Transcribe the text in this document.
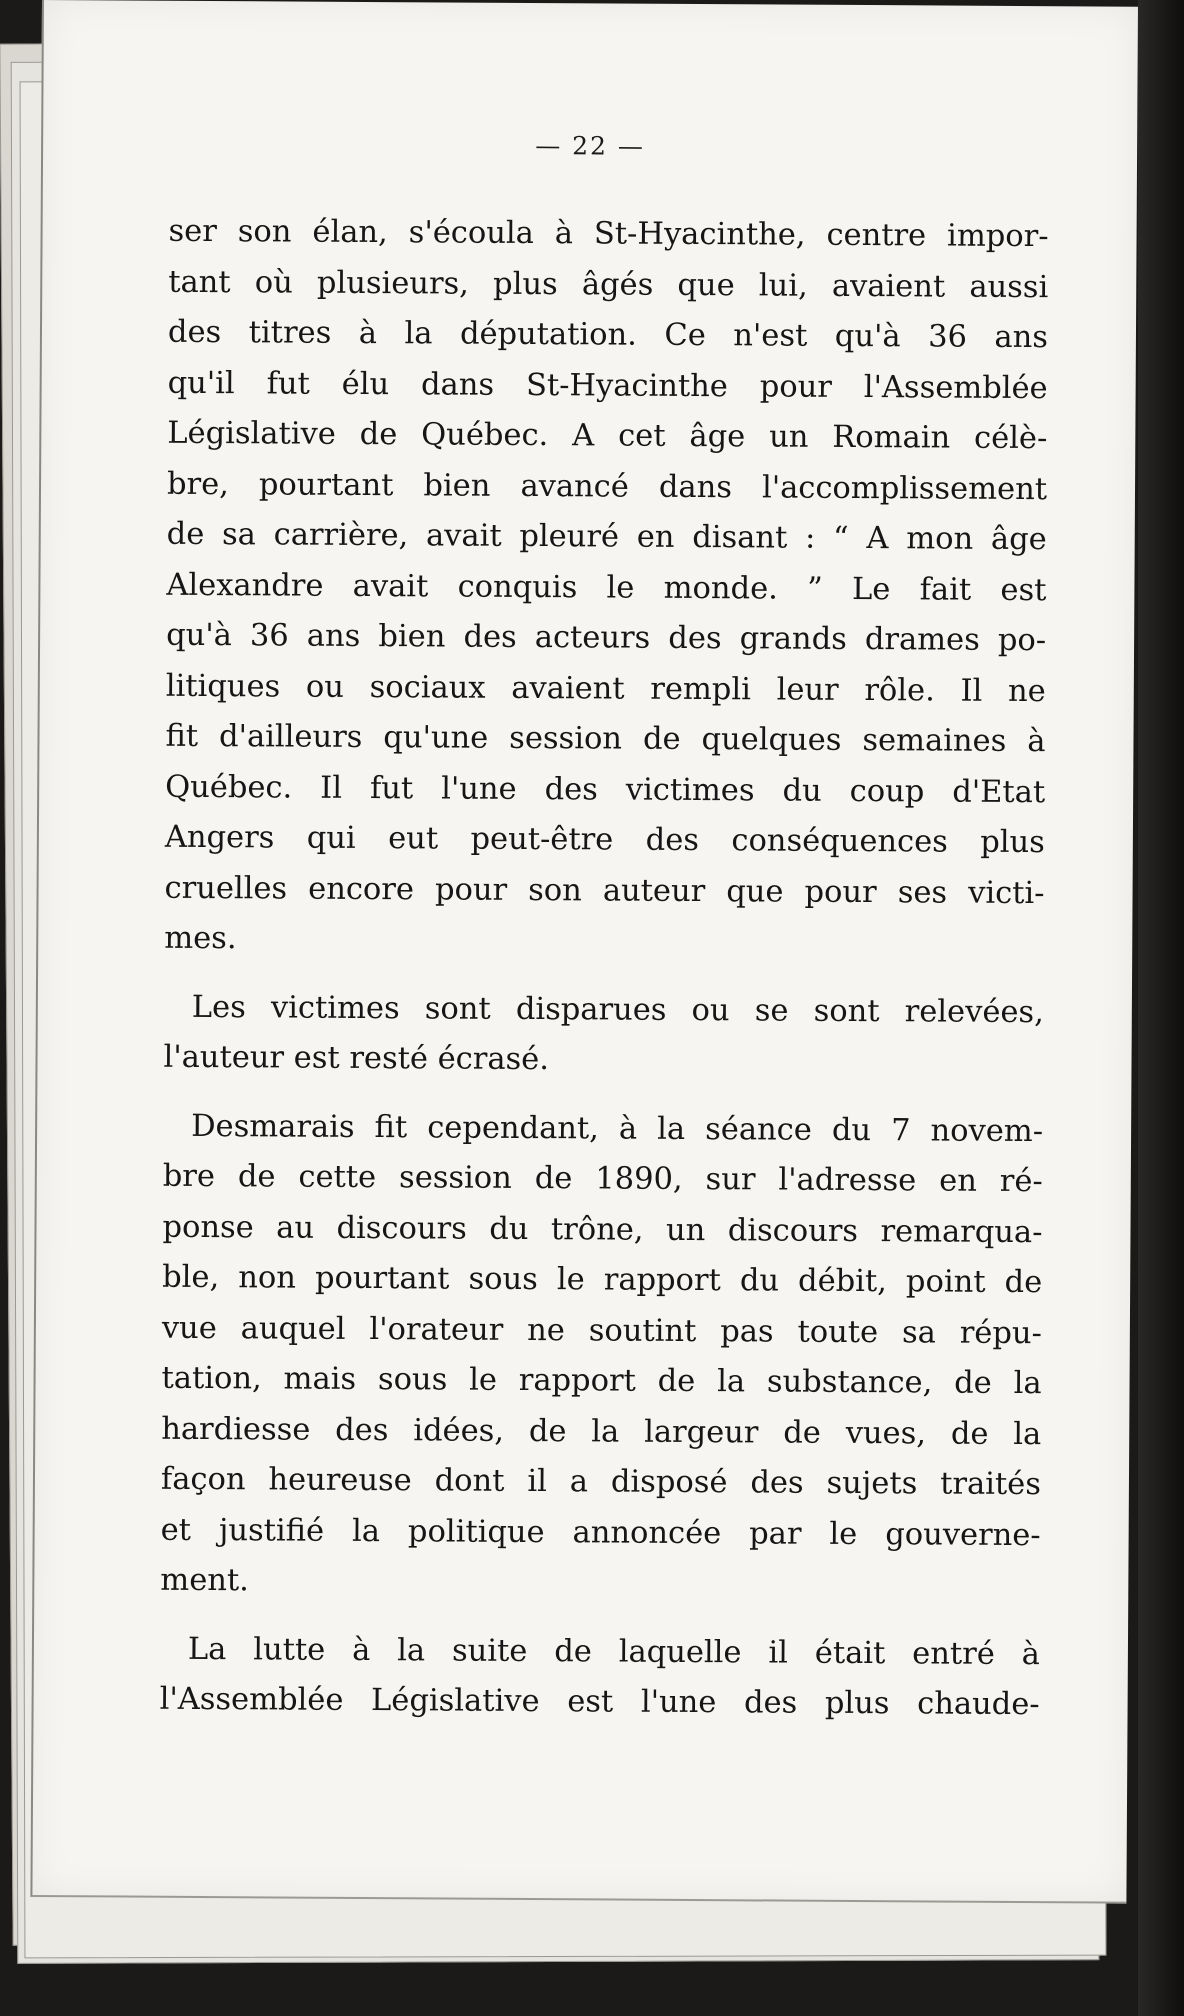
— 22 —
ser son élan, s'écoula à St-Hyacinthe, centre impor-
tant où plusieurs, plus âgés que lui, avaient aussi
des titres à la députation. Ce n'est qu'à 36 ans
qu'il fut élu dans St-Hyacinthe pour l'Assemblée
Législative de Québec. A cet âge un Romain célè-
bre, pourtant bien avancé dans l'accomplissement
de sa carrière, avait pleuré en disant : “ A mon âge
Alexandre avait conquis le monde. ” Le fait est
qu'à 36 ans bien des acteurs des grands drames po-
litiques ou sociaux avaient rempli leur rôle. Il ne
fit d'ailleurs qu'une session de quelques semaines à
Québec. Il fut l'une des victimes du coup d'Etat
Angers qui eut peut-être des conséquences plus
cruelles encore pour son auteur que pour ses victi-
mes.
Les victimes sont disparues ou se sont relevées,
l'auteur est resté écrasé.
Desmarais fit cependant, à la séance du 7 novem-
bre de cette session de 1890, sur l'adresse en ré-
ponse au discours du trône, un discours remarqua-
ble, non pourtant sous le rapport du débit, point de
vue auquel l'orateur ne soutint pas toute sa répu-
tation, mais sous le rapport de la substance, de la
hardiesse des idées, de la largeur de vues, de la
façon heureuse dont il a disposé des sujets traités
et justifié la politique annoncée par le gouverne-
ment.
La lutte à la suite de laquelle il était entré à
l'Assemblée Législative est l'une des plus chaude-
